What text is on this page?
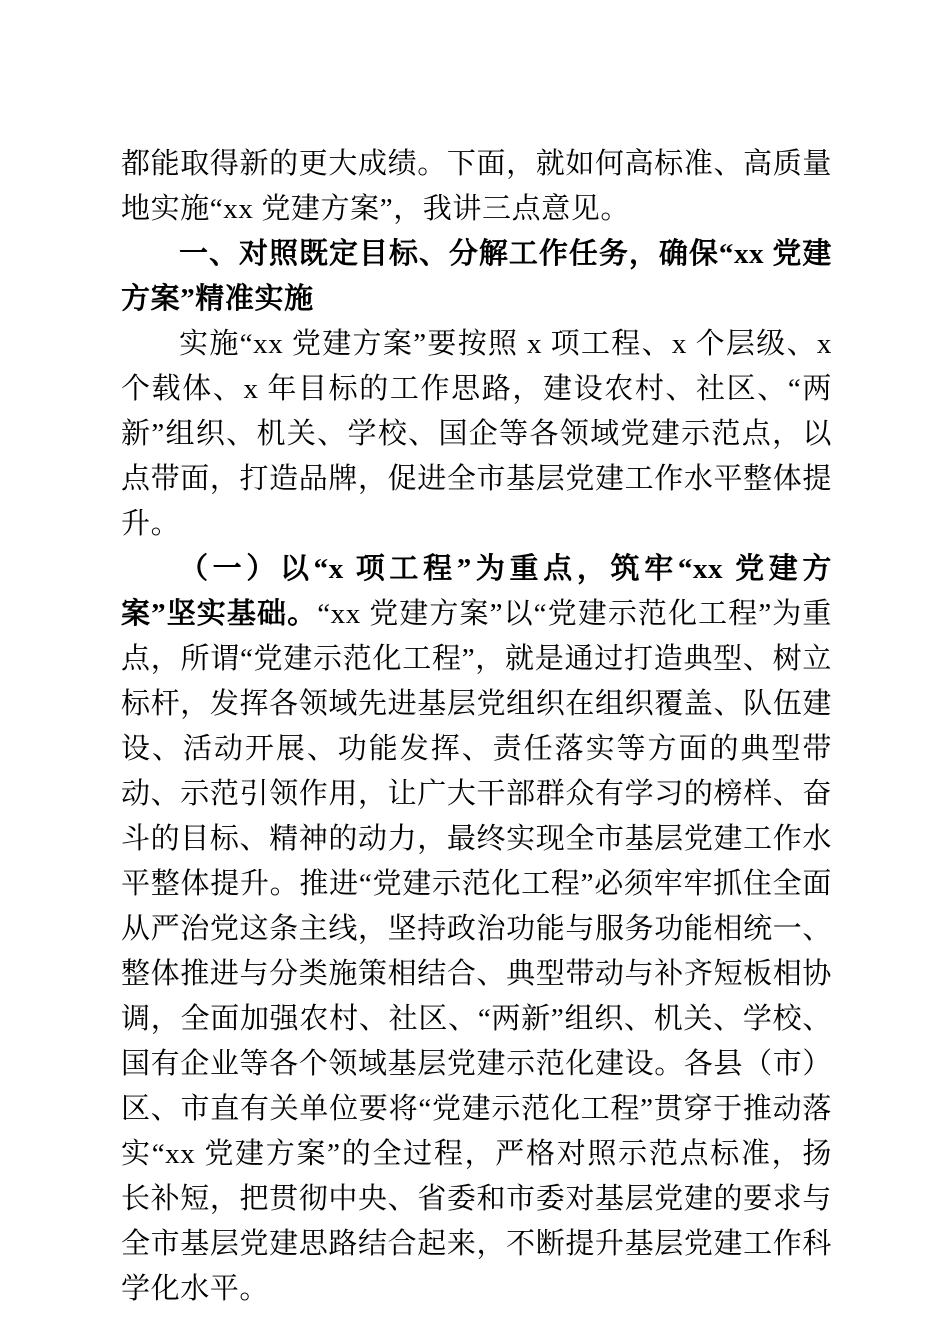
都能取得新的更大成绩。下面，就如何高标准、高质量地实施“xx 党建方案”，我讲三点意见。

一、对照既定目标、分解工作任务，确保“xx 党建方案”精准实施

实施“xx 党建方案”要按照 x 项工程、x 个层级、x 个载体、x 年目标的工作思路，建设农村、社区、“两新”组织、机关、学校、国企等各领域党建示范点，以点带面，打造品牌，促进全市基层党建工作水平整体提升。

（一）以“x 项工程”为重点，筑牢“xx 党建方案”坚实基础。“xx 党建方案”以“党建示范化工程”为重点，所谓“党建示范化工程”，就是通过打造典型、树立标杆，发挥各领域先进基层党组织在组织覆盖、队伍建设、活动开展、功能发挥、责任落实等方面的典型带动、示范引领作用，让广大干部群众有学习的榜样、奋斗的目标、精神的动力，最终实现全市基层党建工作水平整体提升。推进“党建示范化工程”必须牢牢抓住全面从严治党这条主线，坚持政治功能与服务功能相统一、整体推进与分类施策相结合、典型带动与补齐短板相协调，全面加强农村、社区、“两新”组织、机关、学校、国有企业等各个领域基层党建示范化建设。各县（市）区、市直有关单位要将“党建示范化工程”贯穿于推动落实“xx 党建方案”的全过程，严格对照示范点标准，扬长补短，把贯彻中央、省委和市委对基层党建的要求与全市基层党建思路结合起来，不断提升基层党建工作科学化水平。
